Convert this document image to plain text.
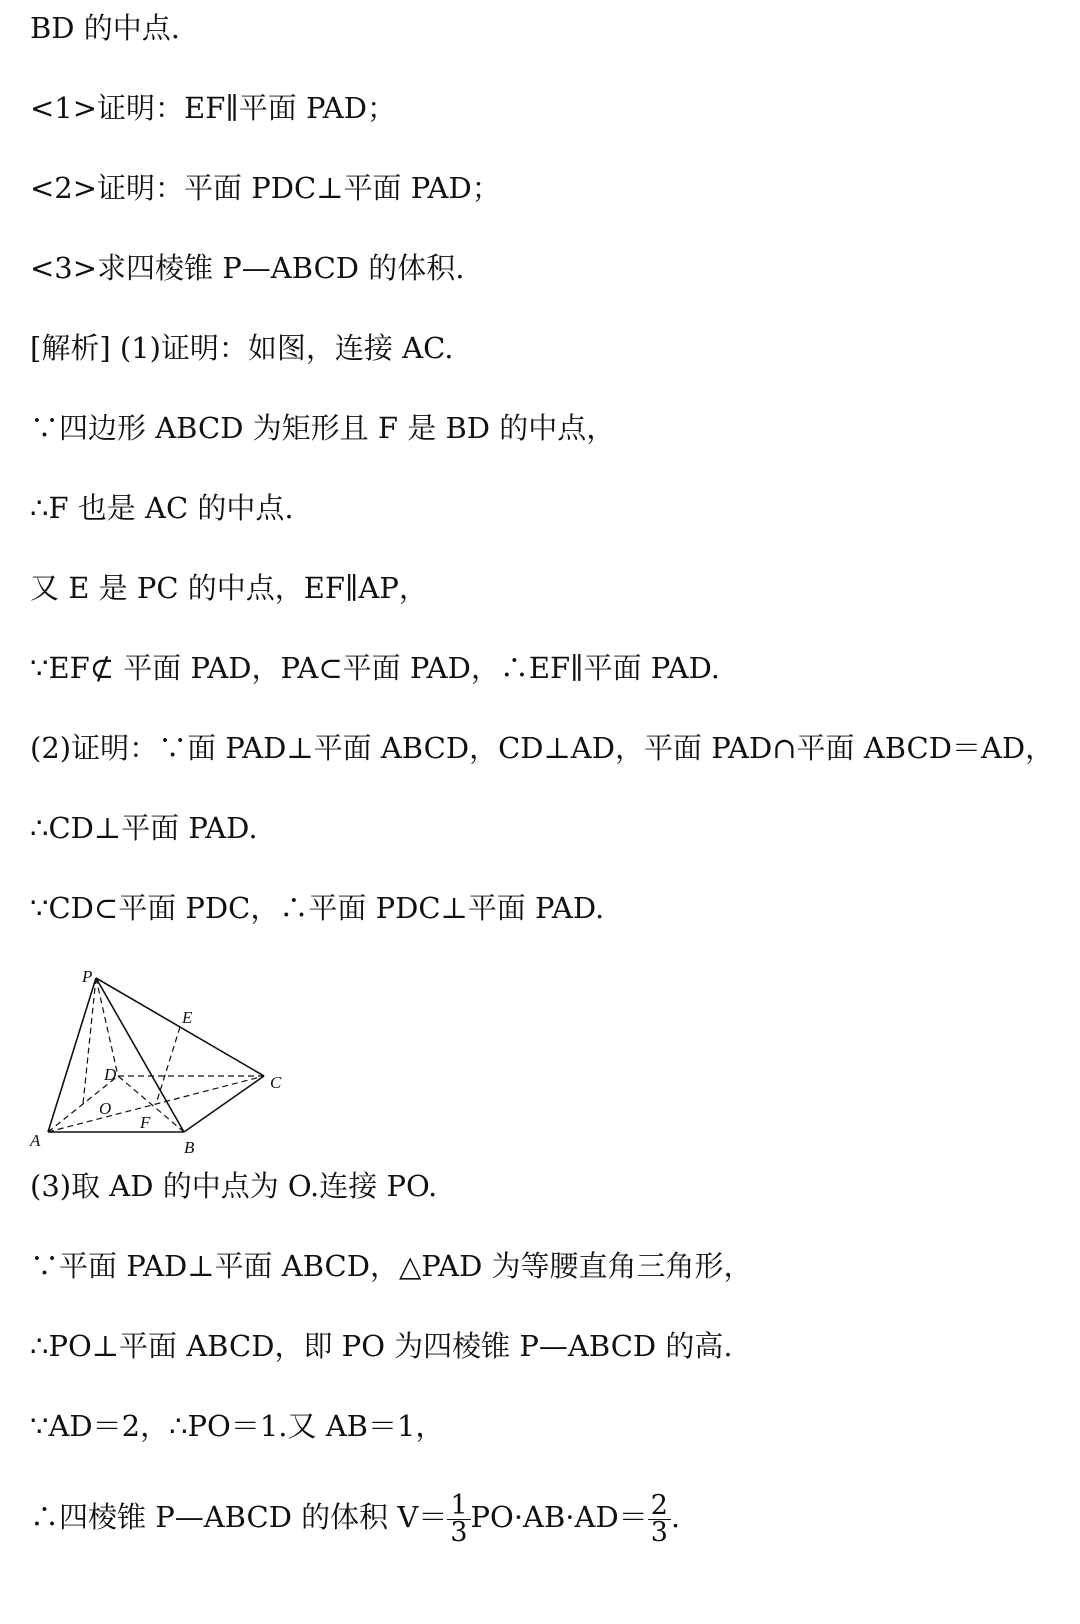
BD 的中点.
<1>证明：EF∥平面 PAD；
<2>证明：平面 PDC⊥平面 PAD；
<3>求四棱锥 P—ABCD 的体积.
[解析] (1)证明：如图，连接 AC.
∵四边形 ABCD 为矩形且 F 是 BD 的中点，
∴F 也是 AC 的中点.
又 E 是 PC 的中点，EF∥AP，
∵EF⊄ 平面 PAD，PA⊂平面 PAD，∴EF∥平面 PAD.
(2)证明：∵面 PAD⊥平面 ABCD，CD⊥AD，平面 PAD∩平面 ABCD＝AD，
∴CD⊥平面 PAD.
∵CD⊂平面 PDC，∴平面 PDC⊥平面 PAD.
P
E
D	C
O
F
A	B
(3)取 AD 的中点为 O.连接 PO.
∵平面 PAD⊥平面 ABCD，△PAD 为等腰直角三角形，
∴PO⊥平面 ABCD，即 PO 为四棱锥 P—ABCD 的高.
∵AD＝2，∴PO＝1.又 AB＝1，
∴四棱锥 P—ABCD 的体积 $V= \frac{1}{3} PO\cdot AB\cdot AD= \frac{2}{3}$ .
